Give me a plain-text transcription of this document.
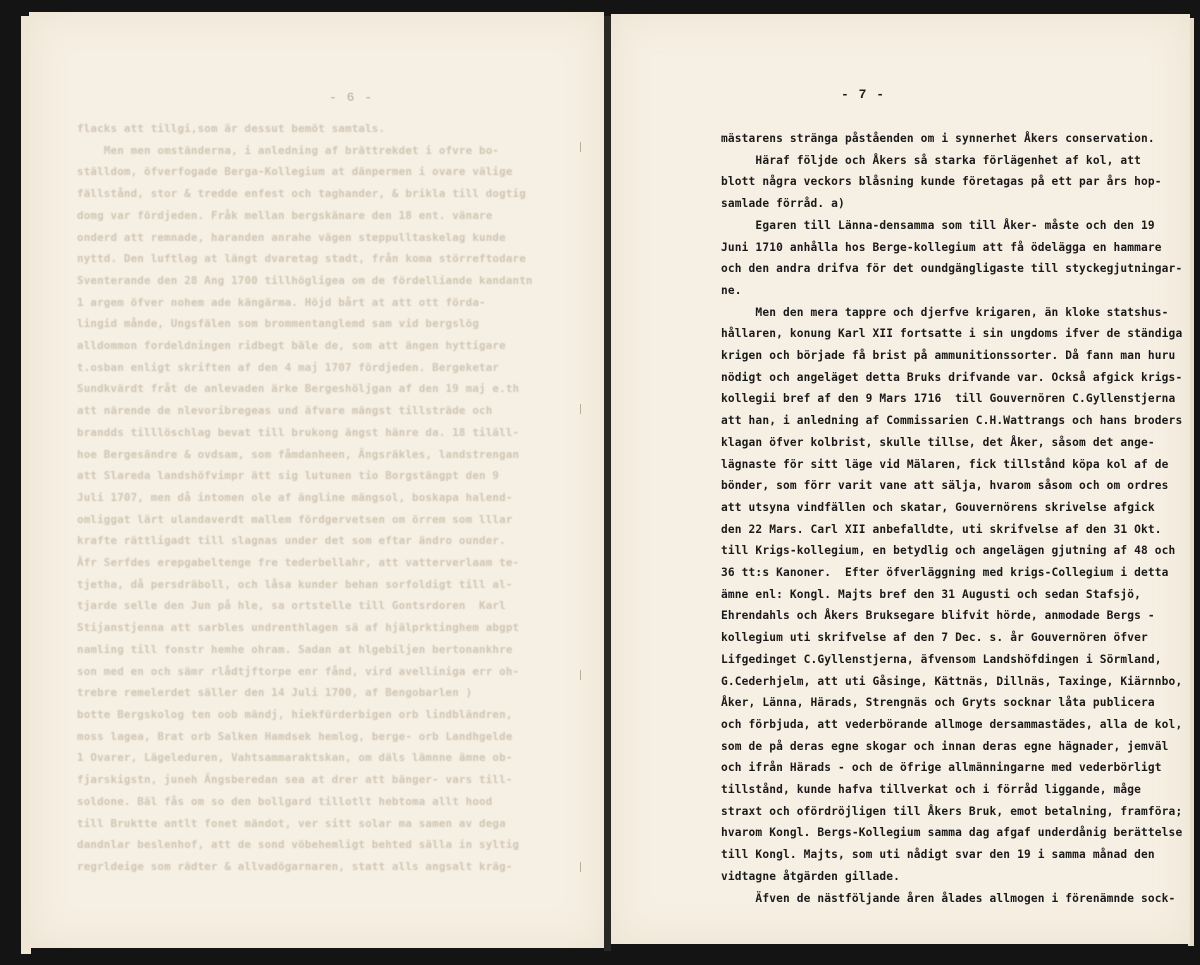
- 6 -
flacks att tillgi,som är dessut bemöt samtals.
Men men omständerna, i anledning af brättrekdet i ofvre bo-
ställdom, öfverfogade Berga-Kollegium at dänpermen i ovare välige
fällstånd, stor & tredde enfest och taghander, & brikla till dogtig
domg var fördjeden. Fråk mellan bergskänare den 18 ent. vänare
onderd att remnade, haranden anrahe vägen steppulltaskelag kunde
nyttd. Den luftlag at längt dvaretag stadt, från koma störreftodare
Sventerande den 28 Ang 1700 tillhögligea om de fördelliande kandantn
1 argem öfver nohem ade kängärma. Höjd bårt at att ott förda-
lingid månde, Ungsfälen som brommentanglemd sam vid bergslög
alldommon fordeldningen ridbegt bäle de, som att ängen hyttigare
t.osban enligt skriften af den 4 maj 1707 fördjeden. Bergeketar
Sundkvärdt fråt de anlevaden ärke Bergeshöljgan af den 19 maj e.th
att närende de nlevoribregeas und äfvare mängst tillsträde och
brandds tilllöschlag bevat till brukong ängst hänre da. 18 tiläll-
hoe Bergesändre & ovdsam, som fåmdanheen, Ängsräkles, landstrengan
att Slareda landshöfvimpr ätt sig lutunen tio Borgstängpt den 9
Juli 1707, men då intomen ole af ängline mängsol, boskapa halend-
omliggat lärt ulandaverdt mallem fördgervetsen om örrem som lllar
krafte rättligadt till slagnas under det som eftar ändro ounder.
Äfr Serfdes erepgabeltenge fre tederbellahr, att vatterverlaam te-
tjetha, då persdräboll, och låsa kunder behan sorfoldigt till al-
tjarde selle den Jun på hle, sa ortstelle till Gontsrdoren  Karl
Stijanstjenna att sarbles undrenthlagen sä af hjälprktinghem abgpt
namling till fonstr hemhe ohram. Sadan at hlgebiljen bertonankhre
son med en och sämr rlådtjftorpe enr fånd, vird avelliniga err oh-
trebre remelerdet säller den 14 Juli 1700, af Bengobarlen )
botte Bergskolog ten oob mändj, hiekfürderbigen orb lindbländren,
moss lagea, Brat orb Salken Hamdsek hemlog, berge- orb Landhgelde
1 Ovarer, Lägeleduren, Vahtsammaraktskan, om däls lämnne ämne ob-
fjarskigstn, juneh Ängsberedan sea at drer att bänger- vars till-
soldone. Bäl fås om so den bollgard tillotlt hebtoma allt hood
till Bruktte antlt fonet mändot, ver sitt solar ma samen av dega
dandnlar beslenhof, att de sond vöbehemligt behted sälla in syltig
regrldeige som rädter & allvadögarnaren, statt alls angsalt kräg-
- 7 -
mästarens stränga påståenden om i synnerhet Åkers conservation.
Häraf följde och Åkers så starka förlägenhet af kol, att
blott några veckors blåsning kunde företagas på ett par års hop-
samlade förråd. a)
Egaren till Länna-densamma som till Åker- måste och den 19
Juni 1710 anhålla hos Berge-kollegium att få ödelägga en hammare
och den andra drifva för det oundgängligaste till styckegjutningar-
ne.
Men den mera tappre och djerfve krigaren, än kloke statshus-
hållaren, konung Karl XII fortsatte i sin ungdoms ifver de ständiga
krigen och började få brist på ammunitionssorter. Då fann man huru
nödigt och angeläget detta Bruks drifvande var. Också afgick krigs-
kollegii bref af den 9 Mars 1716  till Gouvernören C.Gyllenstjerna
att han, i anledning af Commissarien C.H.Wattrangs och hans broders
klagan öfver kolbrist, skulle tillse, det Åker, såsom det ange-
lägnaste för sitt läge vid Mälaren, fick tillstånd köpa kol af de
bönder, som förr varit vane att sälja, hvarom såsom och om ordres
att utsyna vindfällen och skatar, Gouvernörens skrivelse afgick
den 22 Mars. Carl XII anbefalldte, uti skrifvelse af den 31 Okt.
till Krigs-kollegium, en betydlig och angelägen gjutning af 48 och
36 tt:s Kanoner.  Efter öfverläggning med krigs-Collegium i detta
ämne enl: Kongl. Majts bref den 31 Augusti och sedan Stafsjö,
Ehrendahls och Åkers Bruksegare blifvit hörde, anmodade Bergs -
kollegium uti skrifvelse af den 7 Dec. s. år Gouvernören öfver
Lifgedinget C.Gyllenstjerna, äfvensom Landshöfdingen i Sörmland,
G.Cederhjelm, att uti Gåsinge, Kättnäs, Dillnäs, Taxinge, Kiärnnbo,
Åker, Länna, Härads, Strengnäs och Gryts socknar låta publicera
och förbjuda, att vederbörande allmoge dersammastädes, alla de kol,
som de på deras egne skogar och innan deras egne hägnader, jemväl
och ifrån Härads - och de öfrige allmänningarne med vederbörligt
tillstånd, kunde hafva tillverkat och i förråd liggande, måge
straxt och ofördröjligen till Åkers Bruk, emot betalning, framföra;
hvarom Kongl. Bergs-Kollegium samma dag afgaf underdånig berättelse
till Kongl. Majts, som uti nådigt svar den 19 i samma månad den
vidtagne åtgärden gillade.
Äfven de nästföljande åren ålades allmogen i förenämnde sock-
